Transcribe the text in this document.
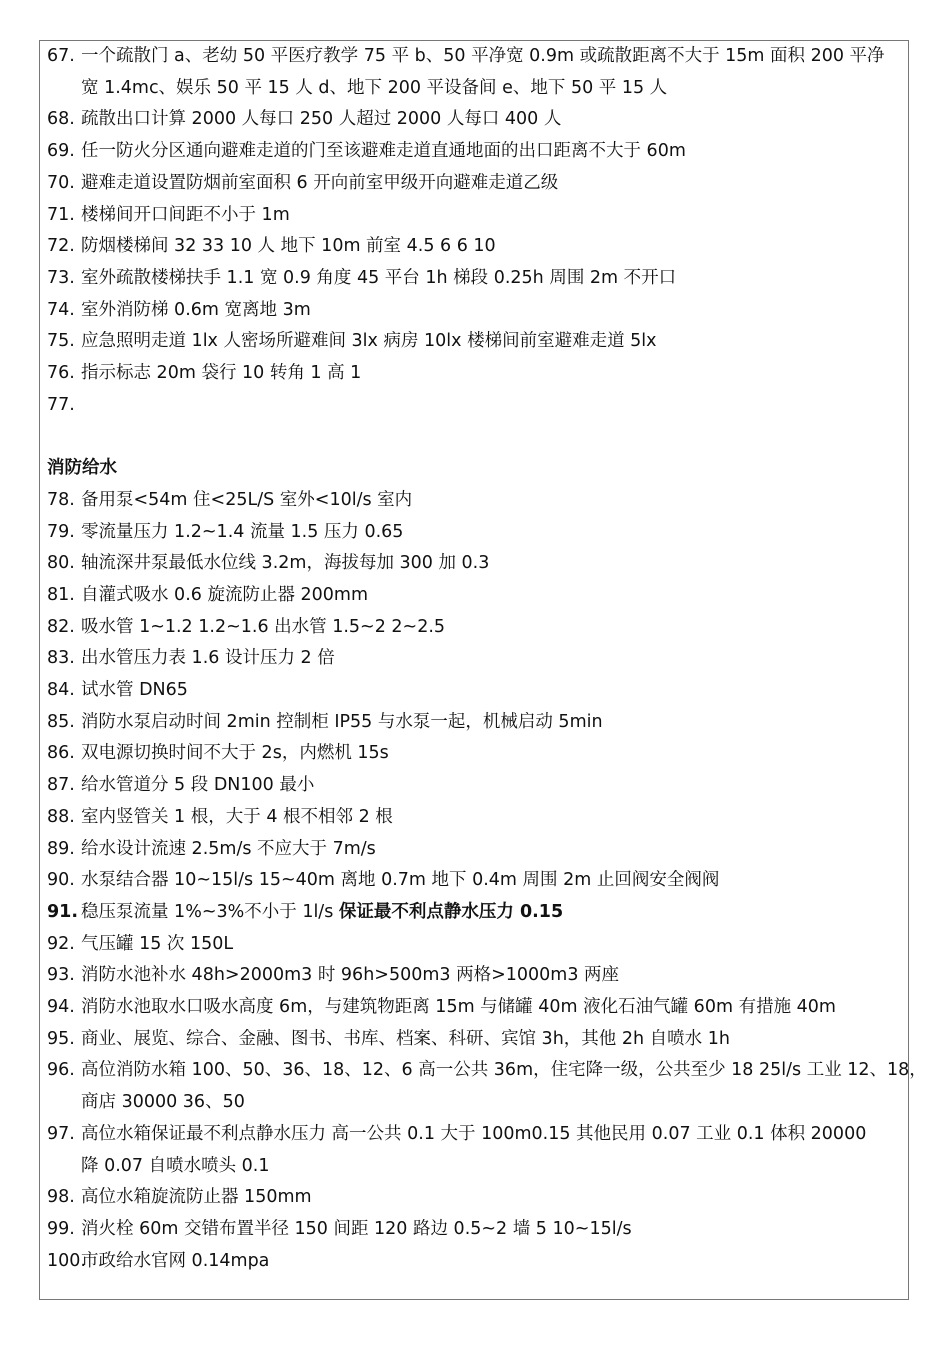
67. 一个疏散门 a、老幼 50 平医疗教学 75 平 b、50 平净宽 0.9m 或疏散距离不大于 15m 面积 200 平净
宽 1.4mc、娱乐 50 平 15 人 d、地下 200 平设备间 e、地下 50 平 15 人
68. 疏散出口计算 2000 人每口 250 人超过 2000 人每口 400 人
69. 任一防火分区通向避难走道的门至该避难走道直通地面的出口距离不大于 60m
70. 避难走道设置防烟前室面积 6 开向前室甲级开向避难走道乙级
71. 楼梯间开口间距不小于 1m
72. 防烟楼梯间 32 33 10 人 地下 10m 前室 4.5 6 6 10
73. 室外疏散楼梯扶手 1.1 宽 0.9 角度 45 平台 1h 梯段 0.25h 周围 2m 不开口
74. 室外消防梯 0.6m 宽离地 3m
75. 应急照明走道 1lx 人密场所避难间 3lx 病房 10lx 楼梯间前室避难走道 5lx
76. 指示标志 20m 袋行 10 转角 1 高 1
77.

消防给水
78. 备用泵<54m 住<25L/S 室外<10l/s 室内
79. 零流量压力 1.2~1.4 流量 1.5 压力 0.65
80. 轴流深井泵最低水位线 3.2m，海拔每加 300 加 0.3
81. 自灌式吸水 0.6 旋流防止器 200mm
82. 吸水管 1~1.2 1.2~1.6 出水管 1.5~2 2~2.5
83. 出水管压力表 1.6 设计压力 2 倍
84. 试水管 DN65
85. 消防水泵启动时间 2min 控制柜 IP55 与水泵一起，机械启动 5min
86. 双电源切换时间不大于 2s，内燃机 15s
87. 给水管道分 5 段 DN100 最小
88. 室内竖管关 1 根，大于 4 根不相邻 2 根
89. 给水设计流速 2.5m/s 不应大于 7m/s
90. 水泵结合器 10~15l/s 15~40m 离地 0.7m 地下 0.4m 周围 2m 止回阀安全阀阀
91. 稳压泵流量 1%~3%不小于 1l/s 保证最不利点静水压力 0.15
92. 气压罐 15 次 150L
93. 消防水池补水 48h>2000m3 时 96h>500m3 两格>1000m3 两座
94. 消防水池取水口吸水高度 6m，与建筑物距离 15m 与储罐 40m 液化石油气罐 60m 有措施 40m
95. 商业、展览、综合、金融、图书、书库、档案、科研、宾馆 3h，其他 2h 自喷水 1h
96. 高位消防水箱 100、50、36、18、12、6 高一公共 36m，住宅降一级，公共至少 18 25l/s 工业 12、18，
商店 30000 36、50
97. 高位水箱保证最不利点静水压力 高一公共 0.1 大于 100m0.15 其他民用 0.07 工业 0.1 体积 20000
降 0.07 自喷水喷头 0.1
98. 高位水箱旋流防止器 150mm
99. 消火栓 60m 交错布置半径 150 间距 120 路边 0.5~2 墙 5 10~15l/s
100.
市政给水官网 0.14mpa
